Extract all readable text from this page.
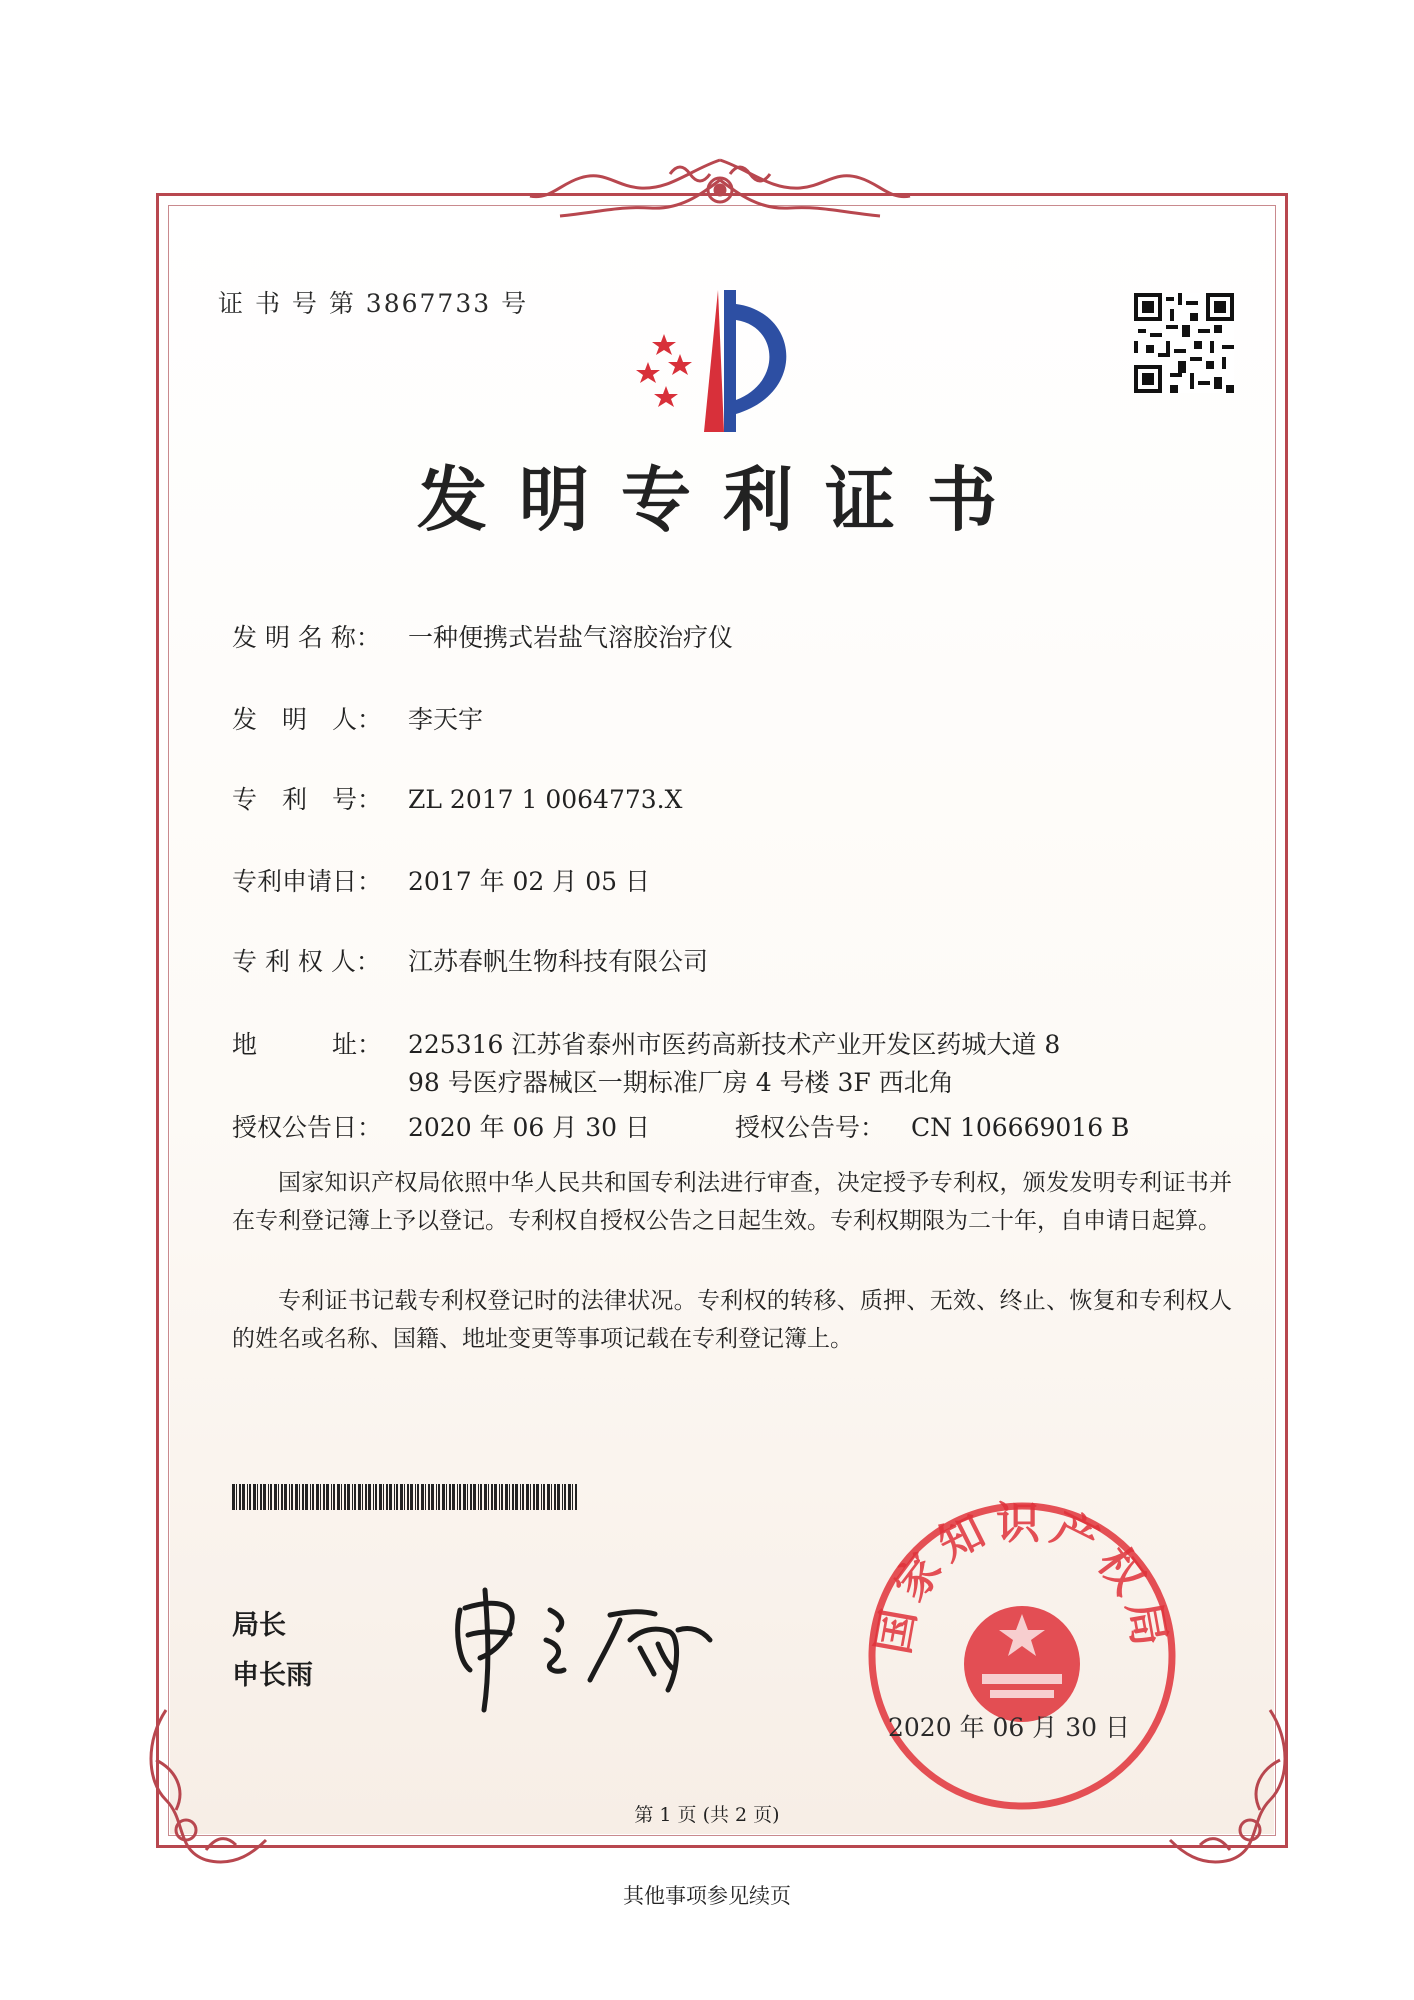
证 书 号 第 3867733 号
发明专利证书
发 明 名 称： 一种便携式岩盐气溶胶治疗仪
发　明　人： 李天宇
专　利　号： ZL 2017 1 0064773.X
专利申请日： 2017 年 02 月 05 日
专 利 权 人： 江苏春帆生物科技有限公司
地　　　址： 225316 江苏省泰州市医药高新技术产业开发区药城大道 8
98 号医疗器械区一期标准厂房 4 号楼 3F 西北角
授权公告日： 2020 年 06 月 30 日	授权公告号： CN 106669016 B
国家知识产权局依照中华人民共和国专利法进行审查，决定授予专利权，颁发发明专利证书并在专利登记簿上予以登记。专利权自授权公告之日起生效。专利权期限为二十年，自申请日起算。
专利证书记载专利权登记时的法律状况。专利权的转移、质押、无效、终止、恢复和专利权人的姓名或名称、国籍、地址变更等事项记载在专利登记簿上。
局长
申长雨
国家知识产权局
2020 年 06 月 30 日
第 1 页 (共 2 页)
其他事项参见续页
